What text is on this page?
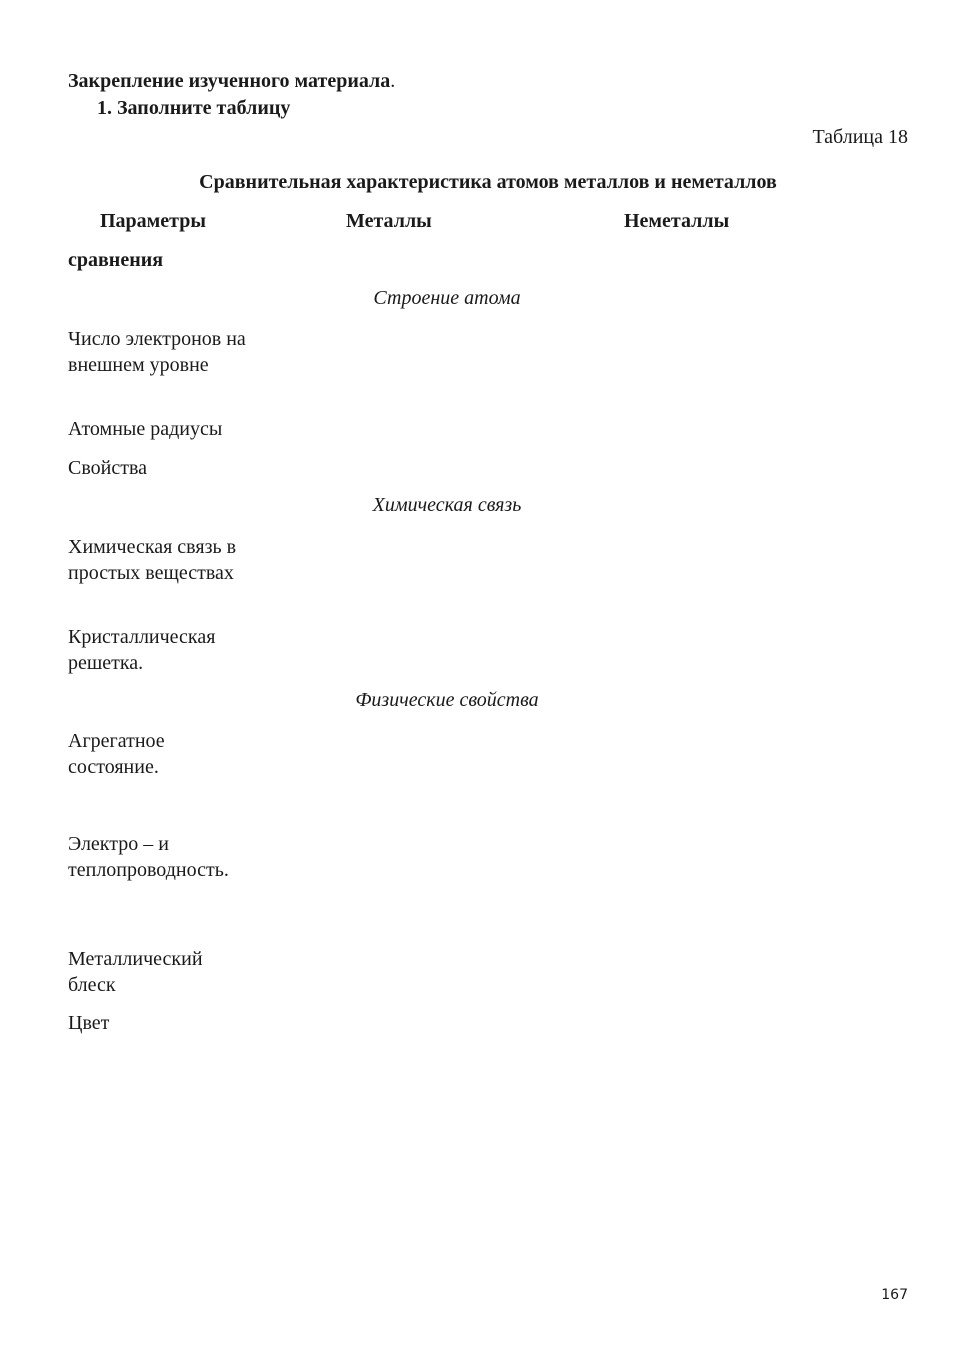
Закрепление изученного материала.
1. Заполните таблицу
Таблица 18
Сравнительная характеристика атомов металлов и неметаллов
Параметры	Металлы	Неметаллы
сравнения
Строение атома
Число электронов на внешнем уровне
Атомные радиусы
Свойства
Химическая связь
Химическая связь в простых веществах
Кристаллическая решетка.
Физические свойства
Агрегатное состояние.
Электро – и теплопроводность.
Металлический блеск
Цвет
167
